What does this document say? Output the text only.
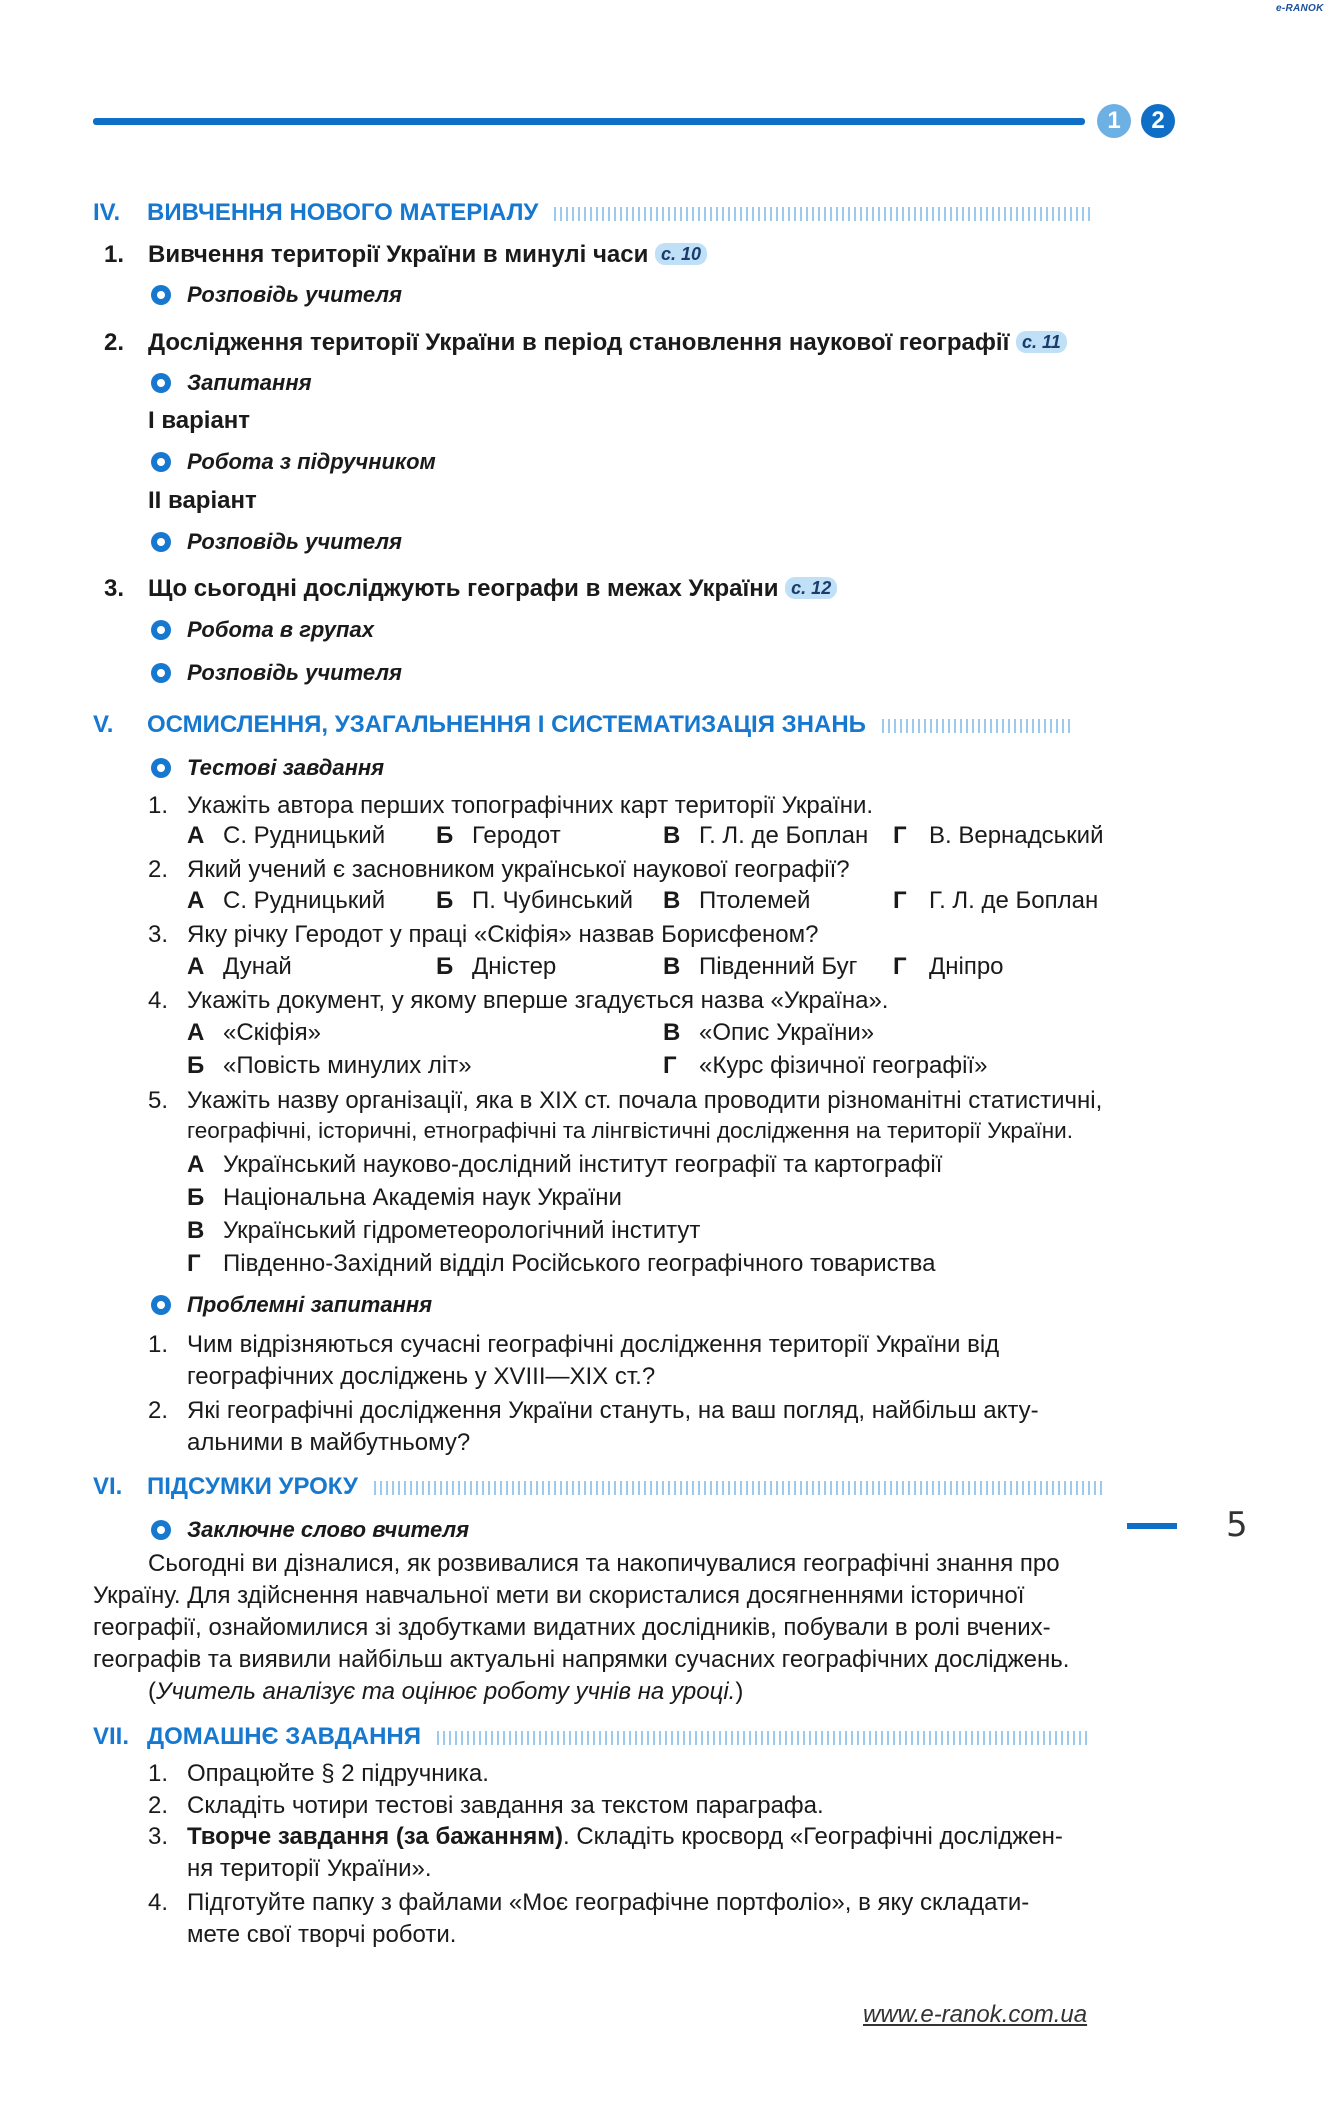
e-RANOK
1	2
IV. ВИВЧЕННЯ НОВОГО МАТЕРІАЛУ
1. Вивчення території України в минулі часи с. 10
Розповідь учителя
2. Дослідження території України в період становлення наукової географії с. 11
Запитання
І варіант
Робота з підручником
ІІ варіант
Розповідь учителя
3. Що сьогодні досліджують географи в межах України с. 12
Робота в групах
Розповідь учителя
V. ОСМИСЛЕННЯ, УЗАГАЛЬНЕННЯ І СИСТЕМАТИЗАЦІЯ ЗНАНЬ
Тестові завдання
1. Укажіть автора перших топографічних карт території України.
А С. Рудницький Б Геродот	В Г. Л. де Боплан Г В. Вернадський
2. Який учений є засновником української наукової географії?
А С. Рудницький Б П. Чубинський В Птолемей	Г Г. Л. де Боплан
3. Яку річку Геродот у праці «Скіфія» назвав Борисфеном?
А Дунай	Б Дністер	В Південний Буг Г Дніпро
4. Укажіть документ, у якому вперше згадується назва «Україна».
А «Скіфія»	В «Опис України»
Б «Повість минулих літ»	Г «Курс фізичної географії»
5. Укажіть назву організації, яка в XIX ст. почала проводити різноманітні статистичні,
географічні, історичні, етнографічні та лінгвістичні дослідження на території України.
А Український науково-дослідний інститут географії та картографії
Б Національна Академія наук України
В Український гідрометеорологічний інститут
Г Південно-Західний відділ Російського географічного товариства
Проблемні запитання
1. Чим відрізняються сучасні географічні дослідження території України від
географічних досліджень у XVIII—XIX ст.?
2. Які географічні дослідження України стануть, на ваш погляд, найбільш акту-
альними в майбутньому?
VI. ПІДСУМКИ УРОКУ
Заключне слово вчителя
Сьогодні ви дізналися, як розвивалися та накопичувалися географічні знання про
Україну. Для здійснення навчальної мети ви скористалися досягненнями історичної
географії, ознайомилися зі здобутками видатних дослідників, побували в ролі вчених-
географів та виявили найбільш актуальні напрямки сучасних географічних досліджень.
(Учитель аналізує та оцінює роботу учнів на уроці.)
5
VII. ДОМАШНЄ ЗАВДАННЯ
1. Опрацюйте § 2 підручника.
2. Складіть чотири тестові завдання за текстом параграфа.
3. Творче завдання (за бажанням). Складіть кросворд «Географічні досліджен-
ня території України».
4. Підготуйте папку з файлами «Моє географічне портфоліо», в яку складати-
мете свої творчі роботи.
www.e-ranok.com.ua
